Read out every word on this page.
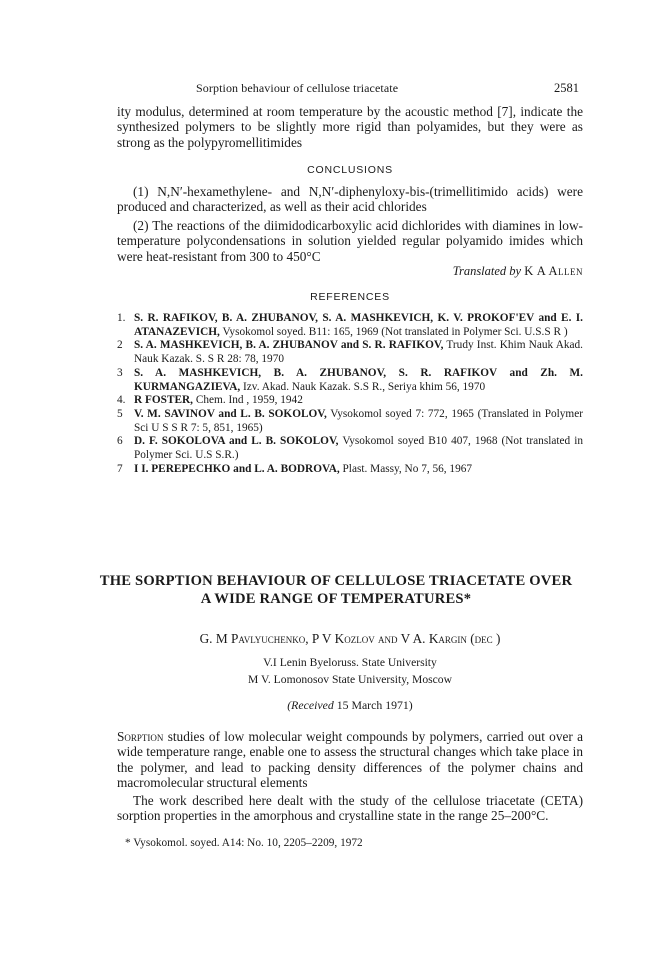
Sorption behaviour of cellulose triacetate	2581

ity modulus, determined at room temperature by the acoustic method [7], indicate the synthesized polymers to be slightly more rigid than polyamides, but they were as strong as the polypyromellitimides

CONCLUSIONS

(1) N,N′-hexamethylene- and N,N′-diphenyloxy-bis-(trimellitimido acids) were produced and characterized, as well as their acid chlorides

(2) The reactions of the diimidodicarboxylic acid dichlorides with diamines in low-temperature polycondensations in solution yielded regular polyamido imides which were heat-resistant from 300 to 450°C

Translated by K A Allen
REFERENCES
1. S. R. RAFIKOV, B. A. ZHUBANOV, S. A. MASHKEVICH, K. V. PROKOF'EV and E. I. ATANAZEVICH, Vysokomol soyed. B11: 165, 1969 (Not translated in Polymer Sci. U.S.S R )
2 S. A. MASHKEVICH, B. A. ZHUBANOV and S. R. RAFIKOV, Trudy Inst. Khim Nauk Akad. Nauk Kazak. S. S R 28: 78, 1970
3 S. A. MASHKEVICH, B. A. ZHUBANOV, S. R. RAFIKOV and Zh. M. KURMANGAZIEVA, Izv. Akad. Nauk Kazak. S.S R., Seriya khim 56, 1970
4. R FOSTER, Chem. Ind , 1959, 1942
5 V. M. SAVINOV and L. B. SOKOLOV, Vysokomol soyed 7: 772, 1965 (Translated in Polymer Sci U S S R 7: 5, 851, 1965)
6 D. F. SOKOLOVA and L. B. SOKOLOV, Vysokomol soyed B10 407, 1968 (Not translated in Polymer Sci. U.S S.R.)
7 I I. PEREPECHKO and L. A. BODROVA, Plast. Massy, No 7, 56, 1967
THE SORPTION BEHAVIOUR OF CELLULOSE TRIACETATE OVER
A WIDE RANGE OF TEMPERATURES*
G. M Pavlyuchenko, P V Kozlov and V A. Kargin (dec )
V.I Lenin Byeloruss. State University
M V. Lomonosov State University, Moscow
(Received 15 March 1971)

Sorption studies of low molecular weight compounds by polymers, carried out over a wide temperature range, enable one to assess the structural changes which take place in the polymer, and lead to packing density differences of the polymer chains and macromolecular structural elements

The work described here dealt with the study of the cellulose triacetate (CETA) sorption properties in the amorphous and crystalline state in the range 25–200°C.

* Vysokomol. soyed. A14: No. 10, 2205–2209, 1972
